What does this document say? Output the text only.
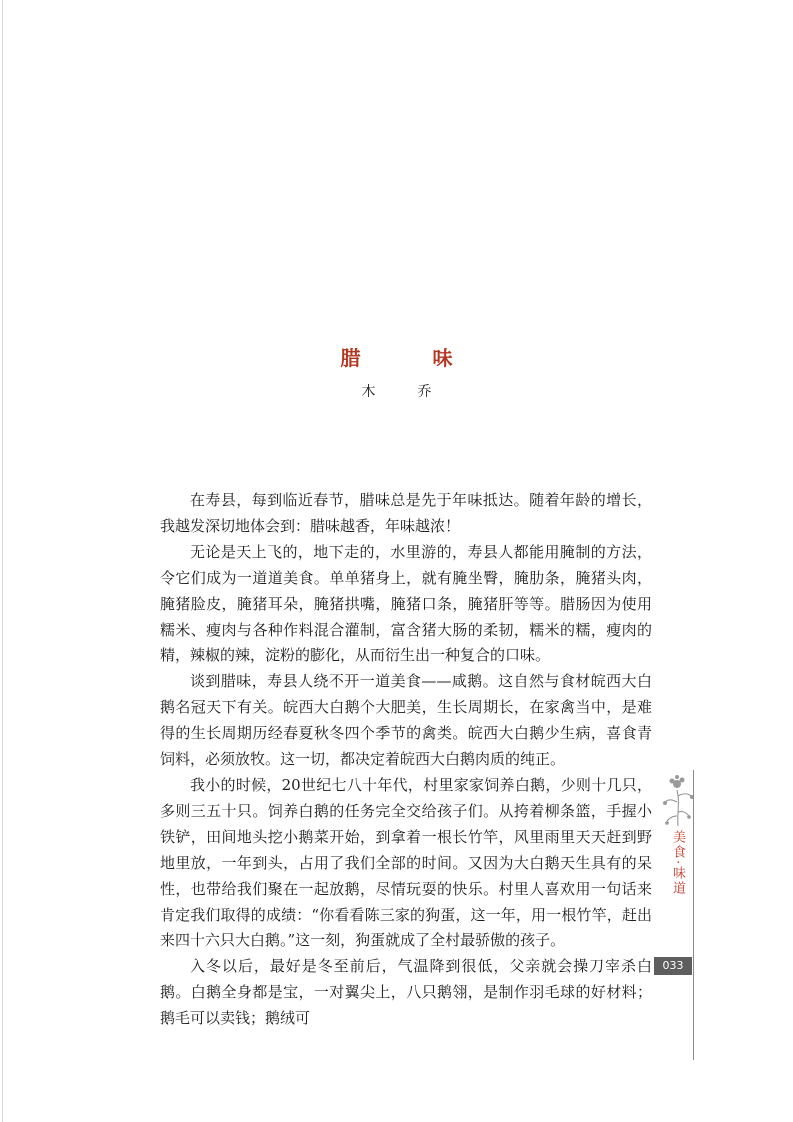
腊　味
木　乔

在寿县，每到临近春节，腊味总是先于年味抵达。随着年龄的增长，我越发深切地体会到：腊味越香，年味越浓！

无论是天上飞的，地下走的，水里游的，寿县人都能用腌制的方法，令它们成为一道道美食。单单猪身上，就有腌坐臀，腌肋条，腌猪头肉，腌猪脸皮，腌猪耳朵，腌猪拱嘴，腌猪口条，腌猪肝等等。腊肠因为使用糯米、瘦肉与各种作料混合灌制，富含猪大肠的柔韧，糯米的糯，瘦肉的精，辣椒的辣，淀粉的膨化，从而衍生出一种复合的口味。

谈到腊味，寿县人绕不开一道美食——咸鹅。这自然与食材皖西大白鹅名冠天下有关。皖西大白鹅个大肥美，生长周期长，在家禽当中，是难得的生长周期历经春夏秋冬四个季节的禽类。皖西大白鹅少生病，喜食青饲料，必须放牧。这一切，都决定着皖西大白鹅肉质的纯正。

我小的时候，20世纪七八十年代，村里家家饲养白鹅，少则十几只，多则三五十只。饲养白鹅的任务完全交给孩子们。从挎着柳条篮，手握小铁铲，田间地头挖小鹅菜开始，到拿着一根长竹竿，风里雨里天天赶到野地里放，一年到头，占用了我们全部的时间。又因为大白鹅天生具有的呆性，也带给我们聚在一起放鹅，尽情玩耍的快乐。村里人喜欢用一句话来肯定我们取得的成绩：“你看看陈三家的狗蛋，这一年，用一根竹竿，赶出来四十六只大白鹅。”这一刻，狗蛋就成了全村最骄傲的孩子。

入冬以后，最好是冬至前后，气温降到很低，父亲就会操刀宰杀白鹅。白鹅全身都是宝，一对翼尖上，八只鹅翎，是制作羽毛球的好材料；鹅毛可以卖钱；鹅绒可

美食·味道
033
